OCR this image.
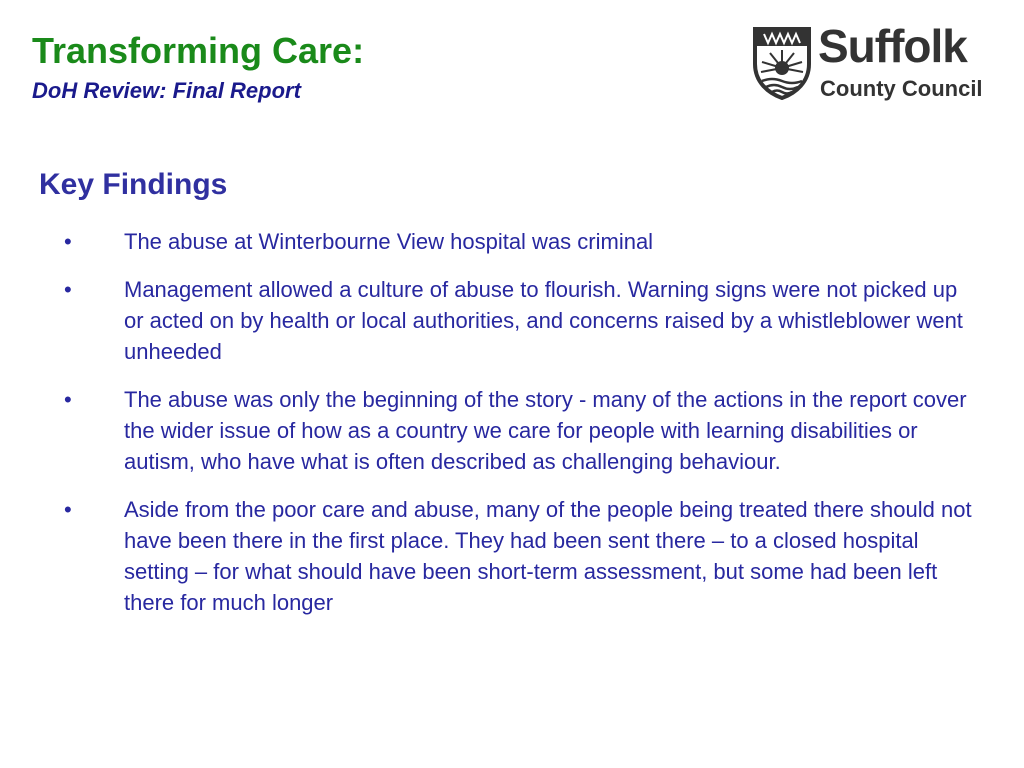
Transforming Care:
DoH Review: Final Report
Suffolk
County Council
Key Findings
• The abuse at Winterbourne View hospital was criminal
• Management allowed a culture of abuse to flourish. Warning signs were not picked up or acted on by health or local authorities, and concerns raised by a whistleblower went unheeded
• The abuse was only the beginning of the story - many of the actions in the report cover the wider issue of how as a country we care for people with learning disabilities or autism, who have what is often described as challenging behaviour.
• Aside from the poor care and abuse, many of the people being treated there should not have been there in the first place. They had been sent there – to a closed hospital setting – for what should have been short-term assessment, but some had been left there for much longer
